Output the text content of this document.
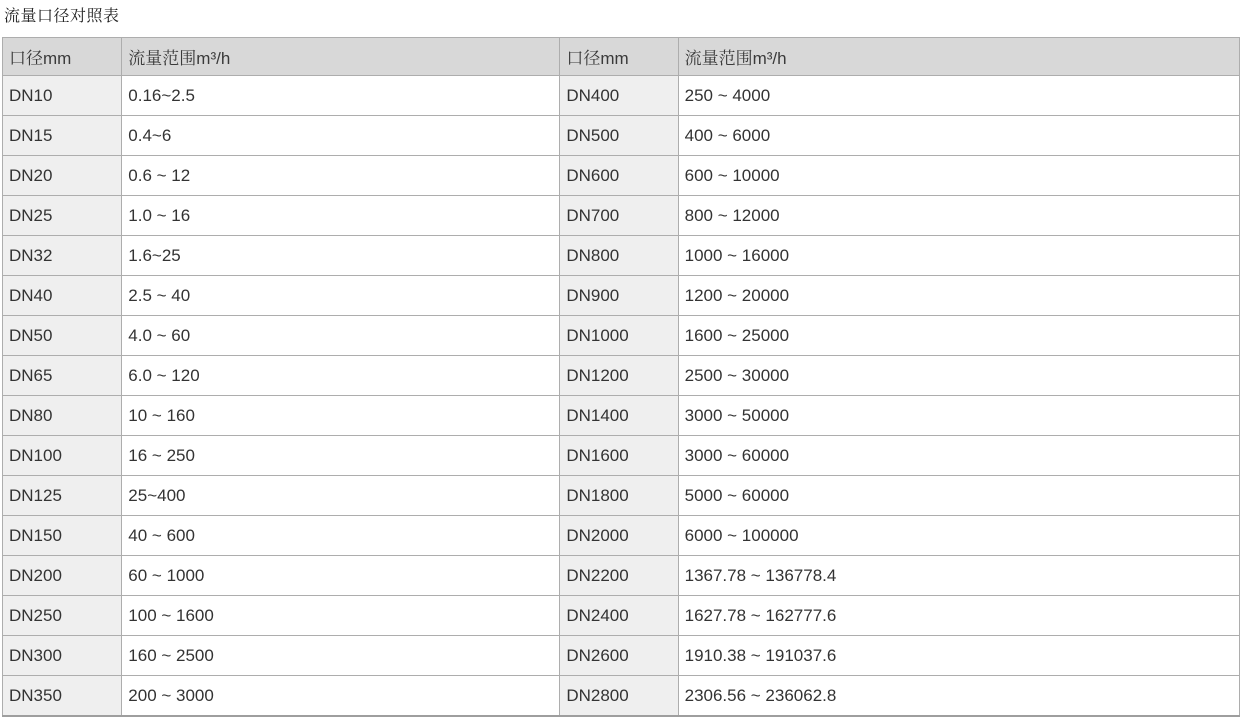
流量口径对照表
口径mm	流量范围m³/h	口径mm	流量范围m³/h
DN10	0.16~2.5	DN400	250 ~ 4000
DN15	0.4~6	DN500	400 ~ 6000
DN20	0.6 ~ 12	DN600	600 ~ 10000
DN25	1.0 ~ 16	DN700	800 ~ 12000
DN32	1.6~25	DN800	1000 ~ 16000
DN40	2.5 ~ 40	DN900	1200 ~ 20000
DN50	4.0 ~ 60	DN1000	1600 ~ 25000
DN65	6.0 ~ 120	DN1200	2500 ~ 30000
DN80	10 ~ 160	DN1400	3000 ~ 50000
DN100	16 ~ 250	DN1600	3000 ~ 60000
DN125	25~400	DN1800	5000 ~ 60000
DN150	40 ~ 600	DN2000	6000 ~ 100000
DN200	60 ~ 1000	DN2200	1367.78 ~ 136778.4
DN250	100 ~ 1600	DN2400	1627.78 ~ 162777.6
DN300	160 ~ 2500	DN2600	1910.38 ~ 191037.6
DN350	200 ~ 3000	DN2800	2306.56 ~ 236062.8
